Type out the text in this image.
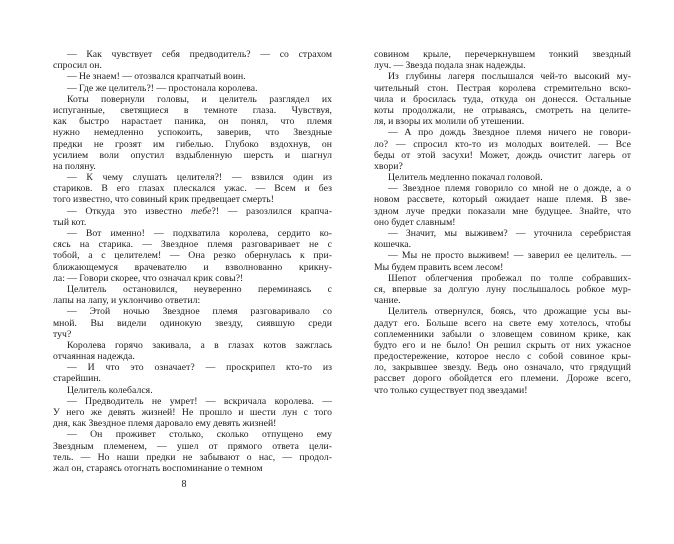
— Как чувствует себя предводитель? — со страхом
спросил он.
— Не знаем! — отозвался крапчатый воин.
— Где же целитель?! — простонала королева.
Коты повернули головы, и целитель разглядел их
испуганные, светящиеся в темноте глаза. Чувствуя,
как быстро нарастает паника, он понял, что племя
нужно немедленно успокоить, заверив, что Звездные
предки не грозят им гибелью. Глубоко вздохнув, он
усилием воли опустил вздыбленную шерсть и шагнул
на поляну.
— К чему слушать целителя?! — взвился один из
стариков. В его глазах плескался ужас. — Всем и без
того известно, что совиный крик предвещает смерть!
— Откуда это известно тебе?! — разозлился крапча-
тый кот.
— Вот именно! — подхватила королева, сердито ко-
сясь на старика. — Звездное племя разговаривает не с
тобой, а с целителем! — Она резко обернулась к при-
ближающемуся врачевателю и взволнованно крикну-
ла: — Говори скорее, что означал крик совы?!
Целитель остановился, неуверенно переминаясь с
лапы на лапу, и уклончиво ответил:
— Этой ночью Звездное племя разговаривало со
мной. Вы видели одинокую звезду, сиявшую среди
туч?
Королева горячо закивала, а в глазах котов зажглась
отчаянная надежда.
— И что это означает? — проскрипел кто-то из
старейшин.
Целитель колебался.
— Предводитель не умрет! — вскричала королева. —
У него же девять жизней! Не прошло и шести лун с того
дня, как Звездное племя даровало ему девять жизней!
— Он проживет столько, сколько отпущено ему
Звездным племенем, — ушел от прямого ответа цели-
тель. — Но наши предки не забывают о нас, — продол-
жал он, стараясь отогнать воспоминание о темном
совином крыле, перечеркнувшем тонкий звездный
луч. — Звезда подала знак надежды.
Из глубины лагеря послышался чей-то высокий му-
чительный стон. Пестрая королева стремительно вско-
чила и бросилась туда, откуда он донесся. Остальные
коты продолжали, не отрываясь, смотреть на целите-
ля, и взоры их молили об утешении.
— А про дождь Звездное племя ничего не говори-
ло? — спросил кто-то из молодых воителей. — Все
беды от этой засухи! Может, дождь очистит лагерь от
хвори?
Целитель медленно покачал головой.
— Звездное племя говорило со мной не о дожде, а о
новом рассвете, который ожидает наше племя. В зве-
здном луче предки показали мне будущее. Знайте, что
оно будет славным!
— Значит, мы выживем? — уточнила серебристая
кошечка.
— Мы не просто выживем! — заверил ее целитель. —
Мы будем править всем лесом!
Шепот облегчения пробежал по толпе собравших-
ся, впервые за долгую луну послышалось робкое мур-
чание.
Целитель отвернулся, боясь, что дрожащие усы вы-
дадут его. Больше всего на свете ему хотелось, чтобы
соплеменники забыли о зловещем совином крике, как
будто его и не было! Он решил скрыть от них ужасное
предостережение, которое несло с собой совиное кры-
ло, закрывшее звезду. Ведь оно означало, что грядущий
рассвет дорого обойдется его племени. Дороже всего,
что только существует под звездами!
8
